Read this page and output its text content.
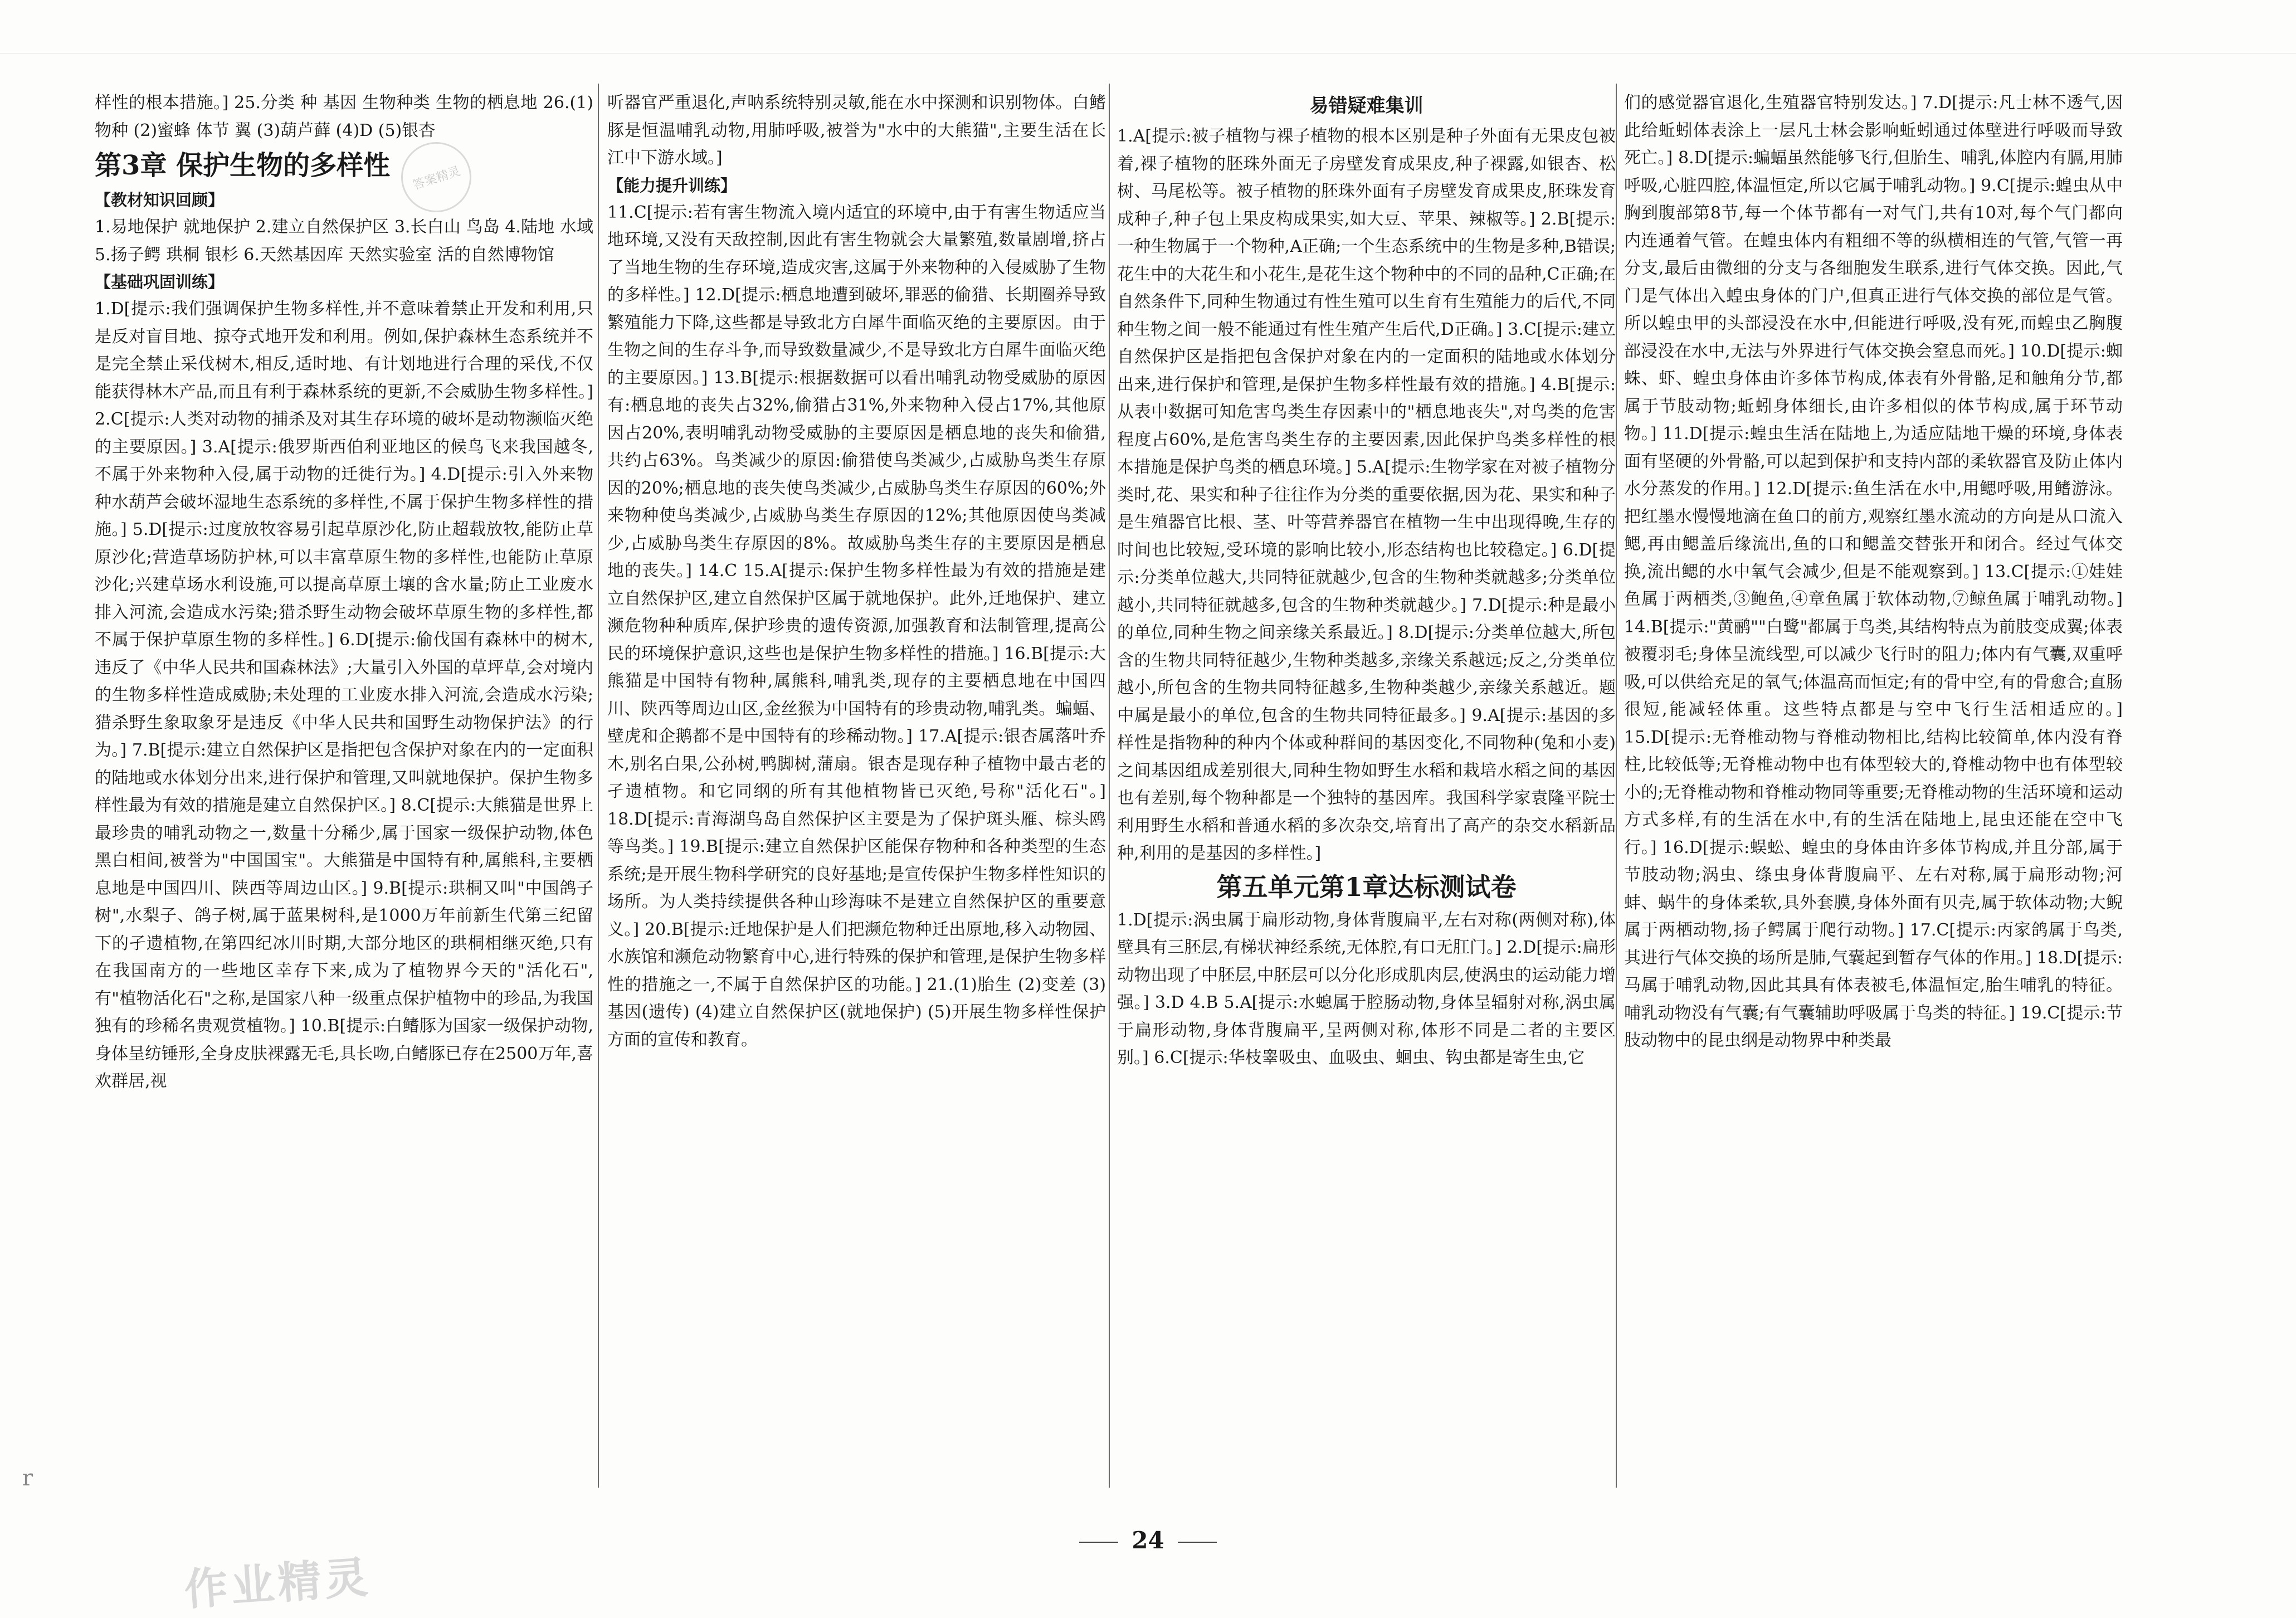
样性的根本措施。] 25.分类 种 基因 生物种类 生物的栖息地 26.(1)物种 (2)蜜蜂 体节 翼 (3)葫芦藓 (4)D (5)银杏

第3章 保护生物的多样性
【教材知识回顾】

1.易地保护 就地保护 2.建立自然保护区 3.长白山 鸟岛 4.陆地 水域 5.扬子鳄 珙桐 银杉 6.天然基因库 天然实验室 活的自然博物馆

【基础巩固训练】

1.D[提示:我们强调保护生物多样性,并不意味着禁止开发和利用,只是反对盲目地、掠夺式地开发和利用。例如,保护森林生态系统并不是完全禁止采伐树木,相反,适时地、有计划地进行合理的采伐,不仅能获得林木产品,而且有利于森林系统的更新,不会威胁生物多样性。] 2.C[提示:人类对动物的捕杀及对其生存环境的破坏是动物濒临灭绝的主要原因。] 3.A[提示:俄罗斯西伯利亚地区的候鸟飞来我国越冬,不属于外来物种入侵,属于动物的迁徙行为。] 4.D[提示:引入外来物种水葫芦会破坏湿地生态系统的多样性,不属于保护生物多样性的措施。] 5.D[提示:过度放牧容易引起草原沙化,防止超载放牧,能防止草原沙化;营造草场防护林,可以丰富草原生物的多样性,也能防止草原沙化;兴建草场水利设施,可以提高草原土壤的含水量;防止工业废水排入河流,会造成水污染;猎杀野生动物会破坏草原生物的多样性,都不属于保护草原生物的多样性。] 6.D[提示:偷伐国有森林中的树木,违反了《中华人民共和国森林法》;大量引入外国的草坪草,会对境内的生物多样性造成威胁;未处理的工业废水排入河流,会造成水污染;猎杀野生象取象牙是违反《中华人民共和国野生动物保护法》的行为。] 7.B[提示:建立自然保护区是指把包含保护对象在内的一定面积的陆地或水体划分出来,进行保护和管理,又叫就地保护。保护生物多样性最为有效的措施是建立自然保护区。] 8.C[提示:大熊猫是世界上最珍贵的哺乳动物之一,数量十分稀少,属于国家一级保护动物,体色黑白相间,被誉为"中国国宝"。大熊猫是中国特有种,属熊科,主要栖息地是中国四川、陕西等周边山区。] 9.B[提示:珙桐又叫"中国鸽子树",水梨子、鸽子树,属于蓝果树科,是1000万年前新生代第三纪留下的孑遗植物,在第四纪冰川时期,大部分地区的珙桐相继灭绝,只有在我国南方的一些地区幸存下来,成为了植物界今天的"活化石",有"植物活化石"之称,是国家八种一级重点保护植物中的珍品,为我国独有的珍稀名贵观赏植物。] 10.B[提示:白鳍豚为国家一级保护动物,身体呈纺锤形,全身皮肤裸露无毛,具长吻,白鳍豚已存在2500万年,喜欢群居,视

听器官严重退化,声呐系统特别灵敏,能在水中探测和识别物体。白鳍豚是恒温哺乳动物,用肺呼吸,被誉为"水中的大熊猫",主要生活在长江中下游水域。]

【能力提升训练】

11.C[提示:若有害生物流入境内适宜的环境中,由于有害生物适应当地环境,又没有天敌控制,因此有害生物就会大量繁殖,数量剧增,挤占了当地生物的生存环境,造成灾害,这属于外来物种的入侵威胁了生物的多样性。] 12.D[提示:栖息地遭到破坏,罪恶的偷猎、长期圈养导致繁殖能力下降,这些都是导致北方白犀牛面临灭绝的主要原因。由于生物之间的生存斗争,而导致数量减少,不是导致北方白犀牛面临灭绝的主要原因。] 13.B[提示:根据数据可以看出哺乳动物受威胁的原因有:栖息地的丧失占32%,偷猎占31%,外来物种入侵占17%,其他原因占20%,表明哺乳动物受威胁的主要原因是栖息地的丧失和偷猎,共约占63%。鸟类减少的原因:偷猎使鸟类减少,占威胁鸟类生存原因的20%;栖息地的丧失使鸟类减少,占威胁鸟类生存原因的60%;外来物种使鸟类减少,占威胁鸟类生存原因的12%;其他原因使鸟类减少,占威胁鸟类生存原因的8%。故威胁鸟类生存的主要原因是栖息地的丧失。] 14.C 15.A[提示:保护生物多样性最为有效的措施是建立自然保护区,建立自然保护区属于就地保护。此外,迁地保护、建立濒危物种种质库,保护珍贵的遗传资源,加强教育和法制管理,提高公民的环境保护意识,这些也是保护生物多样性的措施。] 16.B[提示:大熊猫是中国特有物种,属熊科,哺乳类,现存的主要栖息地在中国四川、陕西等周边山区,金丝猴为中国特有的珍贵动物,哺乳类。蝙蝠、壁虎和企鹅都不是中国特有的珍稀动物。] 17.A[提示:银杏属落叶乔木,别名白果,公孙树,鸭脚树,蒲扇。银杏是现存种子植物中最古老的孑遗植物。和它同纲的所有其他植物皆已灭绝,号称"活化石"。] 18.D[提示:青海湖鸟岛自然保护区主要是为了保护斑头雁、棕头鸥等鸟类。] 19.B[提示:建立自然保护区能保存物种和各种类型的生态系统;是开展生物科学研究的良好基地;是宣传保护生物多样性知识的场所。为人类持续提供各种山珍海味不是建立自然保护区的重要意义。] 20.B[提示:迁地保护是人们把濒危物种迁出原地,移入动物园、水族馆和濒危动物繁育中心,进行特殊的保护和管理,是保护生物多样性的措施之一,不属于自然保护区的功能。] 21.(1)胎生 (2)变差 (3)基因(遗传) (4)建立自然保护区(就地保护) (5)开展生物多样性保护方面的宣传和教育。

易错疑难集训

1.A[提示:被子植物与裸子植物的根本区别是种子外面有无果皮包被着,裸子植物的胚珠外面无子房壁发育成果皮,种子裸露,如银杏、松树、马尾松等。被子植物的胚珠外面有子房壁发育成果皮,胚珠发育成种子,种子包上果皮构成果实,如大豆、苹果、辣椒等。] 2.B[提示:一种生物属于一个物种,A正确;一个生态系统中的生物是多种,B错误;花生中的大花生和小花生,是花生这个物种中的不同的品种,C正确;在自然条件下,同种生物通过有性生殖可以生育有生殖能力的后代,不同种生物之间一般不能通过有性生殖产生后代,D正确。] 3.C[提示:建立自然保护区是指把包含保护对象在内的一定面积的陆地或水体划分出来,进行保护和管理,是保护生物多样性最有效的措施。] 4.B[提示:从表中数据可知危害鸟类生存因素中的"栖息地丧失",对鸟类的危害程度占60%,是危害鸟类生存的主要因素,因此保护鸟类多样性的根本措施是保护鸟类的栖息环境。] 5.A[提示:生物学家在对被子植物分类时,花、果实和种子往往作为分类的重要依据,因为花、果实和种子是生殖器官比根、茎、叶等营养器官在植物一生中出现得晚,生存的时间也比较短,受环境的影响比较小,形态结构也比较稳定。] 6.D[提示:分类单位越大,共同特征就越少,包含的生物种类就越多;分类单位越小,共同特征就越多,包含的生物种类就越少。] 7.D[提示:种是最小的单位,同种生物之间亲缘关系最近。] 8.D[提示:分类单位越大,所包含的生物共同特征越少,生物种类越多,亲缘关系越远;反之,分类单位越小,所包含的生物共同特征越多,生物种类越少,亲缘关系越近。题中属是最小的单位,包含的生物共同特征最多。] 9.A[提示:基因的多样性是指物种的种内个体或种群间的基因变化,不同物种(兔和小麦)之间基因组成差别很大,同种生物如野生水稻和栽培水稻之间的基因也有差别,每个物种都是一个独特的基因库。我国科学家袁隆平院士利用野生水稻和普通水稻的多次杂交,培育出了高产的杂交水稻新品种,利用的是基因的多样性。]

第五单元第1章达标测试卷

1.D[提示:涡虫属于扁形动物,身体背腹扁平,左右对称(两侧对称),体壁具有三胚层,有梯状神经系统,无体腔,有口无肛门。] 2.D[提示:扁形动物出现了中胚层,中胚层可以分化形成肌肉层,使涡虫的运动能力增强。] 3.D 4.B 5.A[提示:水螅属于腔肠动物,身体呈辐射对称,涡虫属于扁形动物,身体背腹扁平,呈两侧对称,体形不同是二者的主要区别。] 6.C[提示:华枝睾吸虫、血吸虫、蛔虫、钩虫都是寄生虫,它

们的感觉器官退化,生殖器官特别发达。] 7.D[提示:凡士林不透气,因此给蚯蚓体表涂上一层凡士林会影响蚯蚓通过体壁进行呼吸而导致死亡。] 8.D[提示:蝙蝠虽然能够飞行,但胎生、哺乳,体腔内有膈,用肺呼吸,心脏四腔,体温恒定,所以它属于哺乳动物。] 9.C[提示:蝗虫从中胸到腹部第8节,每一个体节都有一对气门,共有10对,每个气门都向内连通着气管。在蝗虫体内有粗细不等的纵横相连的气管,气管一再分支,最后由微细的分支与各细胞发生联系,进行气体交换。因此,气门是气体出入蝗虫身体的门户,但真正进行气体交换的部位是气管。所以蝗虫甲的头部浸没在水中,但能进行呼吸,没有死,而蝗虫乙胸腹部浸没在水中,无法与外界进行气体交换会窒息而死。] 10.D[提示:蜘蛛、虾、蝗虫身体由许多体节构成,体表有外骨骼,足和触角分节,都属于节肢动物;蚯蚓身体细长,由许多相似的体节构成,属于环节动物。] 11.D[提示:蝗虫生活在陆地上,为适应陆地干燥的环境,身体表面有坚硬的外骨骼,可以起到保护和支持内部的柔软器官及防止体内水分蒸发的作用。] 12.D[提示:鱼生活在水中,用鳃呼吸,用鳍游泳。把红墨水慢慢地滴在鱼口的前方,观察红墨水流动的方向是从口流入鳃,再由鳃盖后缘流出,鱼的口和鳃盖交替张开和闭合。经过气体交换,流出鳃的水中氧气会减少,但是不能观察到。] 13.C[提示:①娃娃鱼属于两栖类,③鲍鱼,④章鱼属于软体动物,⑦鲸鱼属于哺乳动物。] 14.B[提示:"黄鹂""白鹭"都属于鸟类,其结构特点为前肢变成翼;体表被覆羽毛;身体呈流线型,可以减少飞行时的阻力;体内有气囊,双重呼吸,可以供给充足的氧气;体温高而恒定;有的骨中空,有的骨愈合;直肠很短,能减轻体重。这些特点都是与空中飞行生活相适应的。] 15.D[提示:无脊椎动物与脊椎动物相比,结构比较简单,体内没有脊柱,比较低等;无脊椎动物中也有体型较大的,脊椎动物中也有体型较小的;无脊椎动物和脊椎动物同等重要;无脊椎动物的生活环境和运动方式多样,有的生活在水中,有的生活在陆地上,昆虫还能在空中飞行。] 16.D[提示:蜈蚣、蝗虫的身体由许多体节构成,并且分部,属于节肢动物;涡虫、绦虫身体背腹扁平、左右对称,属于扁形动物;河蚌、蜗牛的身体柔软,具外套膜,身体外面有贝壳,属于软体动物;大鲵属于两栖动物,扬子鳄属于爬行动物。] 17.C[提示:丙家鸽属于鸟类,其进行气体交换的场所是肺,气囊起到暂存气体的作用。] 18.D[提示:马属于哺乳动物,因此其具有体表被毛,体温恒定,胎生哺乳的特征。哺乳动物没有气囊;有气囊辅助呼吸属于鸟类的特征。] 19.C[提示:节肢动物中的昆虫纲是动物界中种类最

24
答案精灵
作业精灵
r
